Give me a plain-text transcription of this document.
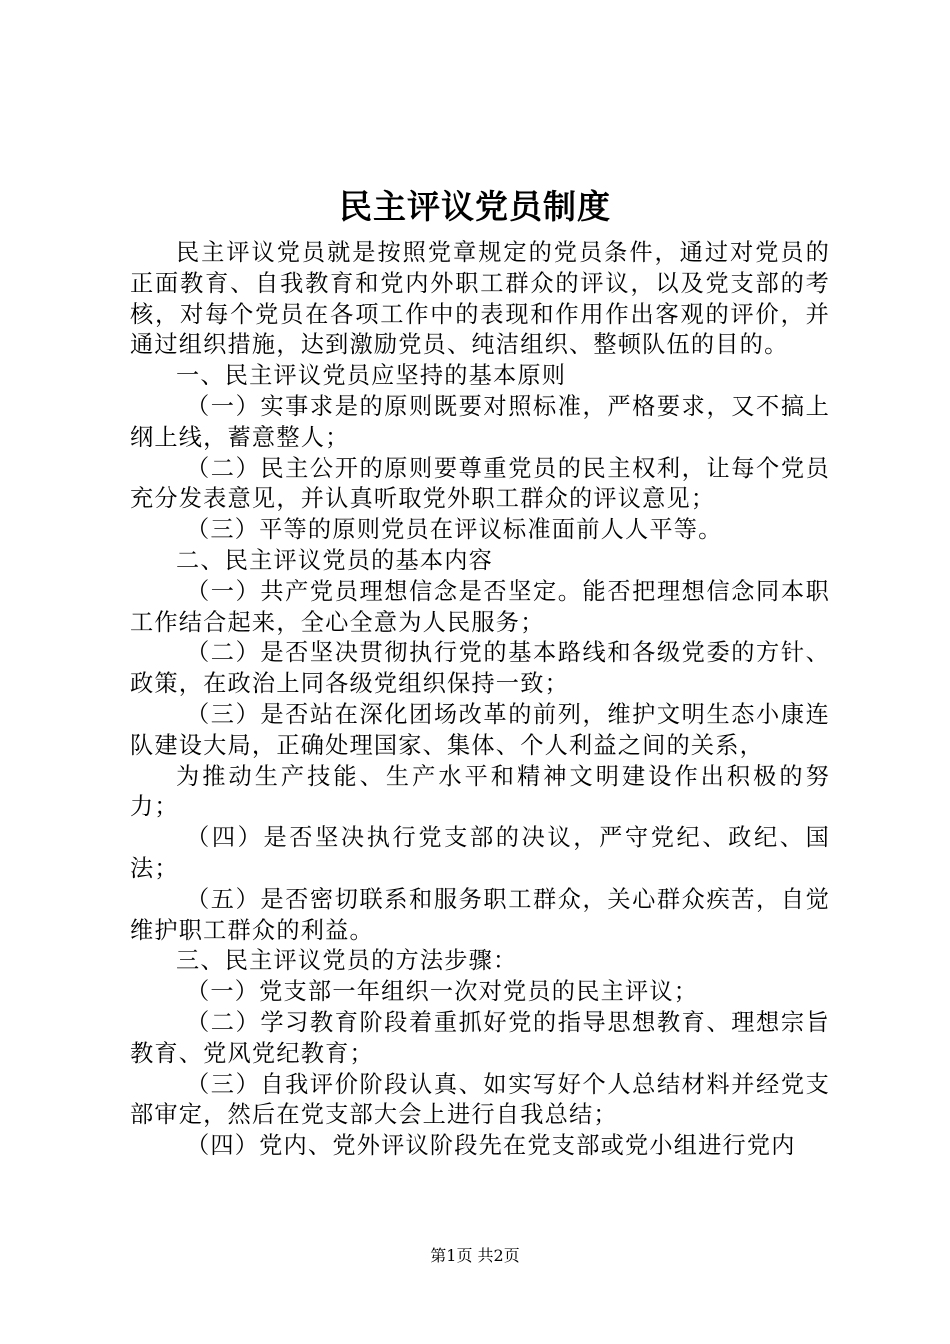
民主评议党员制度

民主评议党员就是按照党章规定的党员条件，通过对党员的正面教育、自我教育和党内外职工群众的评议，以及党支部的考核，对每个党员在各项工作中的表现和作用作出客观的评价，并通过组织措施，达到激励党员、纯洁组织、整顿队伍的目的。

一、民主评议党员应坚持的基本原则

（一）实事求是的原则既要对照标准，严格要求，又不搞上纲上线，蓄意整人；

（二）民主公开的原则要尊重党员的民主权利，让每个党员充分发表意见，并认真听取党外职工群众的评议意见；

（三）平等的原则党员在评议标准面前人人平等。

二、民主评议党员的基本内容

（一）共产党员理想信念是否坚定。能否把理想信念同本职工作结合起来，全心全意为人民服务；

（二）是否坚决贯彻执行党的基本路线和各级党委的方针、政策，在政治上同各级党组织保持一致；

（三）是否站在深化团场改革的前列，维护文明生态小康连队建设大局，正确处理国家、集体、个人利益之间的关系，

为推动生产技能、生产水平和精神文明建设作出积极的努力；

（四）是否坚决执行党支部的决议，严守党纪、政纪、国法；

（五）是否密切联系和服务职工群众，关心群众疾苦，自觉维护职工群众的利益。

三、民主评议党员的方法步骤：

（一）党支部一年组织一次对党员的民主评议；

（二）学习教育阶段着重抓好党的指导思想教育、理想宗旨教育、党风党纪教育；

（三）自我评价阶段认真、如实写好个人总结材料并经党支部审定，然后在党支部大会上进行自我总结；

（四）党内、党外评议阶段先在党支部或党小组进行党内

第1页 共2页
